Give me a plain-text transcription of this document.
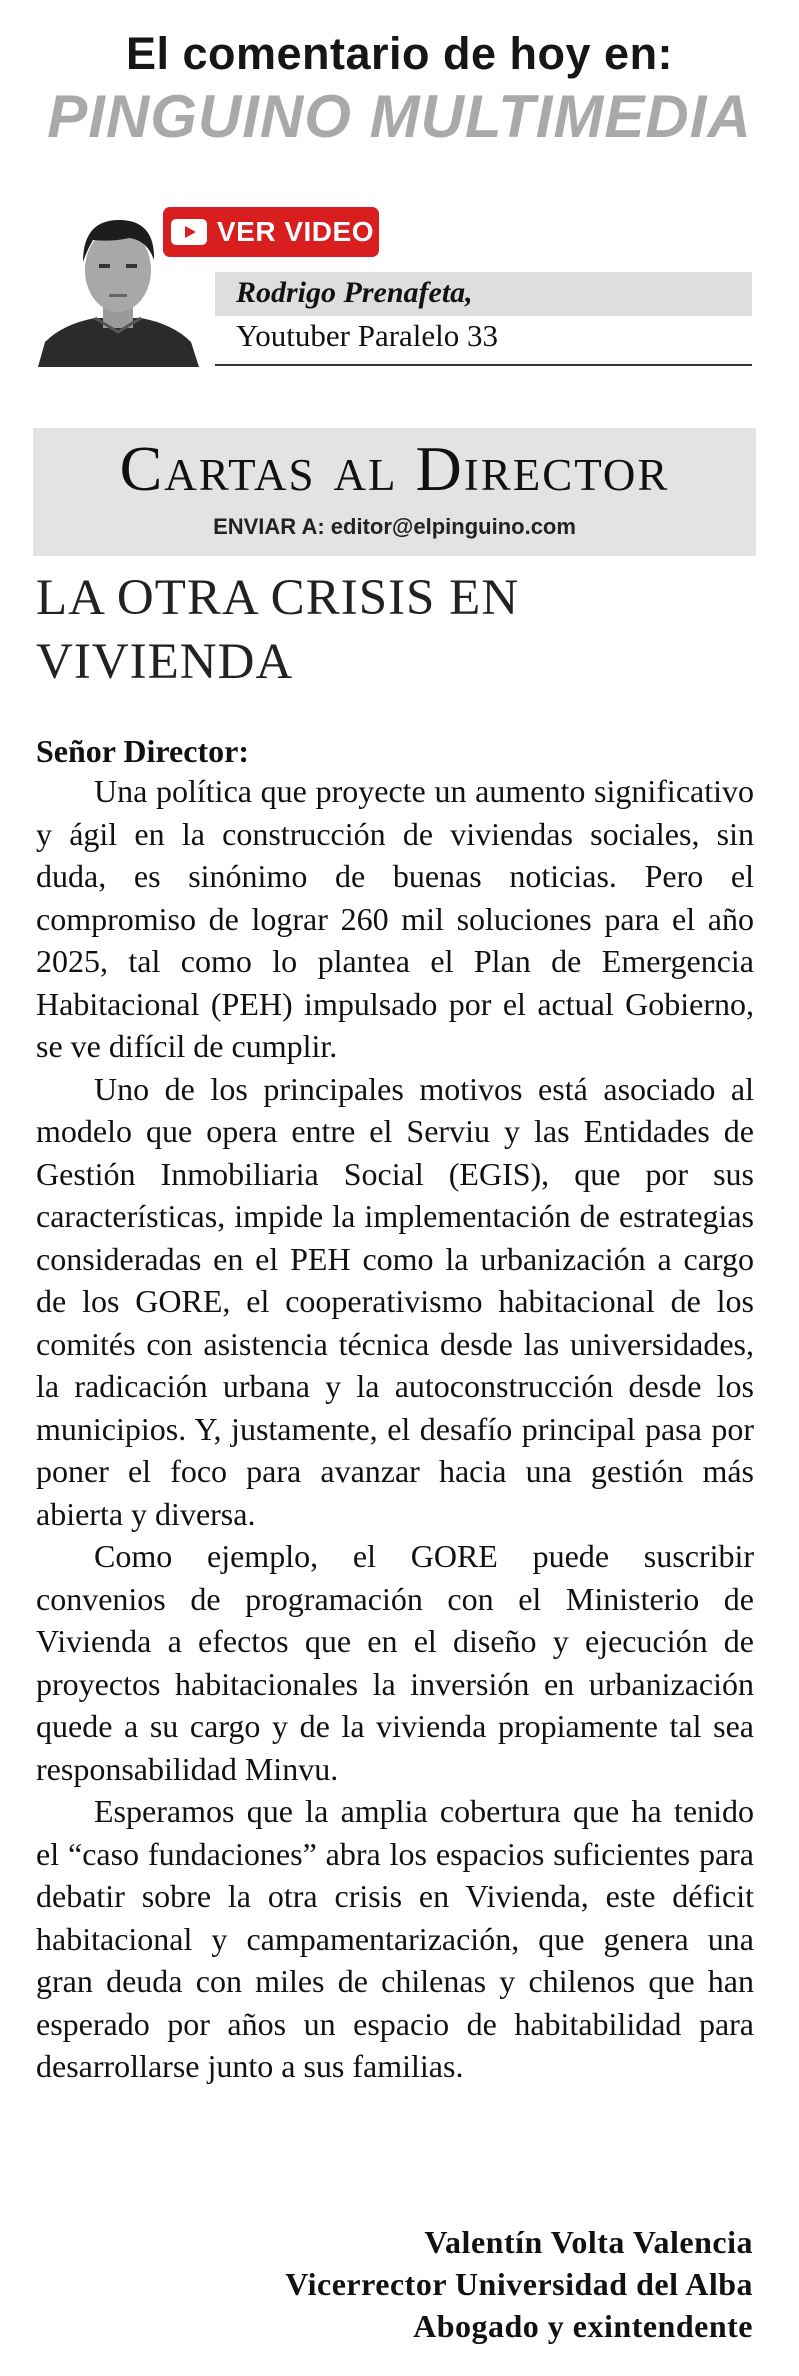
El comentario de hoy en:
PINGUINO MULTIMEDIA
VER VIDEO
Rodrigo Prenafeta,
Youtuber Paralelo 33
Cartas al Director
ENVIAR A: editor@elpinguino.com
LA OTRA CRISIS EN
VIVIENDA
Señor Director:

Una política que proyecte un aumento significativo y ágil en la construcción de viviendas sociales, sin duda, es sinónimo de buenas noticias. Pero el compromiso de lograr 260 mil soluciones para el año 2025, tal como lo plantea el Plan de Emergencia Habitacional (PEH) impulsado por el actual Gobierno, se ve difícil de cumplir.

Uno de los principales motivos está asociado al modelo que opera entre el Serviu y las Entidades de Gestión Inmobiliaria Social (EGIS), que por sus características, impide la implementación de estrategias consideradas en el PEH como la urbanización a cargo de los GORE, el cooperativismo habitacional de los comités con asistencia técnica desde las universidades, la radicación urbana y la autoconstrucción desde los municipios. Y, justamente, el desafío principal pasa por poner el foco para avanzar hacia una gestión más abierta y diversa.

Como ejemplo, el GORE puede suscribir convenios de programación con el Ministerio de Vivienda a efectos que en el diseño y ejecución de proyectos habitacionales la inversión en urbanización quede a su cargo y de la vivienda propiamente tal sea responsabilidad Minvu.

Esperamos que la amplia cobertura que ha tenido el “caso fundaciones” abra los espacios suficientes para debatir sobre la otra crisis en Vivienda, este déficit habitacional y campamentarización, que genera una gran deuda con miles de chilenas y chilenos que han esperado por años un espacio de habitabilidad para desarrollarse junto a sus familias.

Valentín Volta Valencia
Vicerrector Universidad del Alba
Abogado y exintendente
